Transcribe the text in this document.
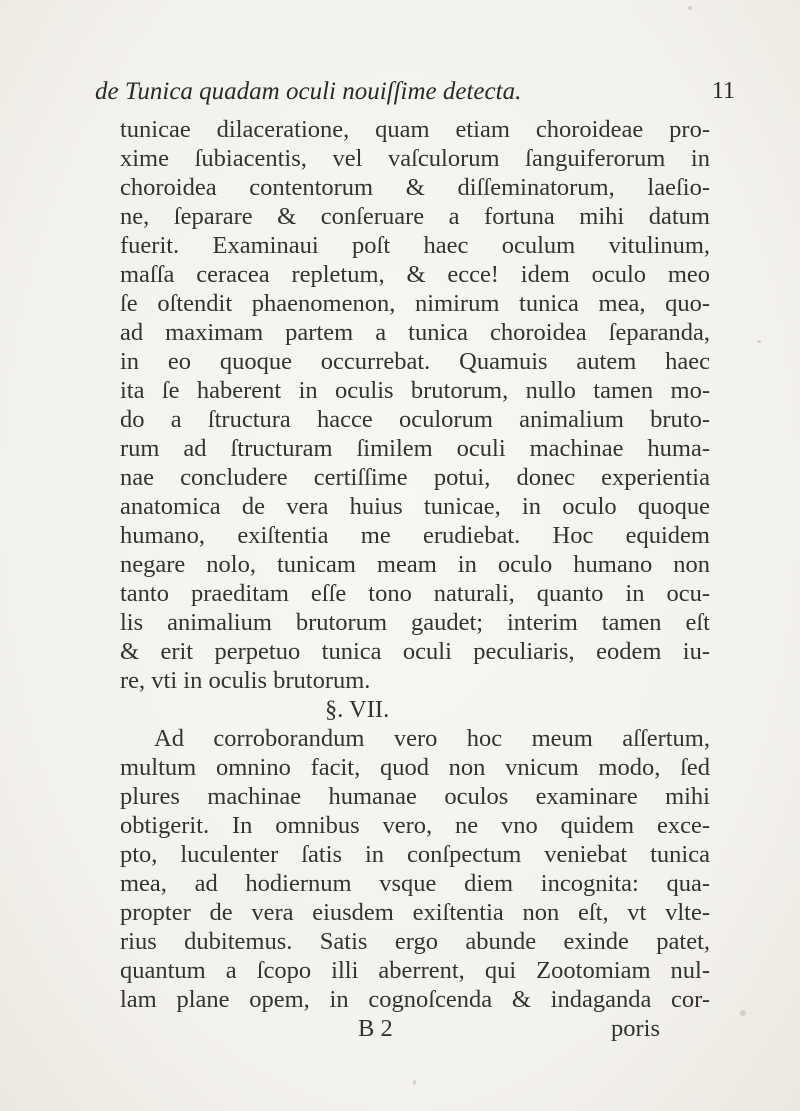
de Tunica quadam oculi nouiſſime detecta.	11
tunicae dilaceratione, quam etiam choroideae pro-
xime ſubiacentis, vel vaſculorum ſanguiferorum in
choroidea contentorum & diſſeminatorum, laeſio-
ne, ſeparare & conſeruare a fortuna mihi datum
fuerit. Examinaui poſt haec oculum vitulinum,
maſſa ceracea repletum, & ecce! idem oculo meo
ſe oſtendit phaenomenon, nimirum tunica mea, quo-
ad maximam partem a tunica choroidea ſeparanda,
in eo quoque occurrebat. Quamuis autem haec
ita ſe haberent in oculis brutorum, nullo tamen mo-
do a ſtructura hacce oculorum animalium bruto-
rum ad ſtructuram ſimilem oculi machinae huma-
nae concludere certiſſime potui, donec experientia
anatomica de vera huius tunicae, in oculo quoque
humano, exiſtentia me erudiebat. Hoc equidem
negare nolo, tunicam meam in oculo humano non
tanto praeditam eſſe tono naturali, quanto in ocu-
lis animalium brutorum gaudet; interim tamen eſt
& erit perpetuo tunica oculi peculiaris, eodem iu-
re, vti in oculis brutorum.
§. VII.
Ad corroborandum vero hoc meum aſſertum,
multum omnino facit, quod non vnicum modo, ſed
plures machinae humanae oculos examinare mihi
obtigerit. In omnibus vero, ne vno quidem exce-
pto, luculenter ſatis in conſpectum veniebat tunica
mea, ad hodiernum vsque diem incognita: qua-
propter de vera eiusdem exiſtentia non eſt, vt vlte-
rius dubitemus. Satis ergo abunde exinde patet,
quantum a ſcopo illi aberrent, qui Zootomiam nul-
lam plane opem, in cognoſcenda & indaganda cor-
B 2	poris
